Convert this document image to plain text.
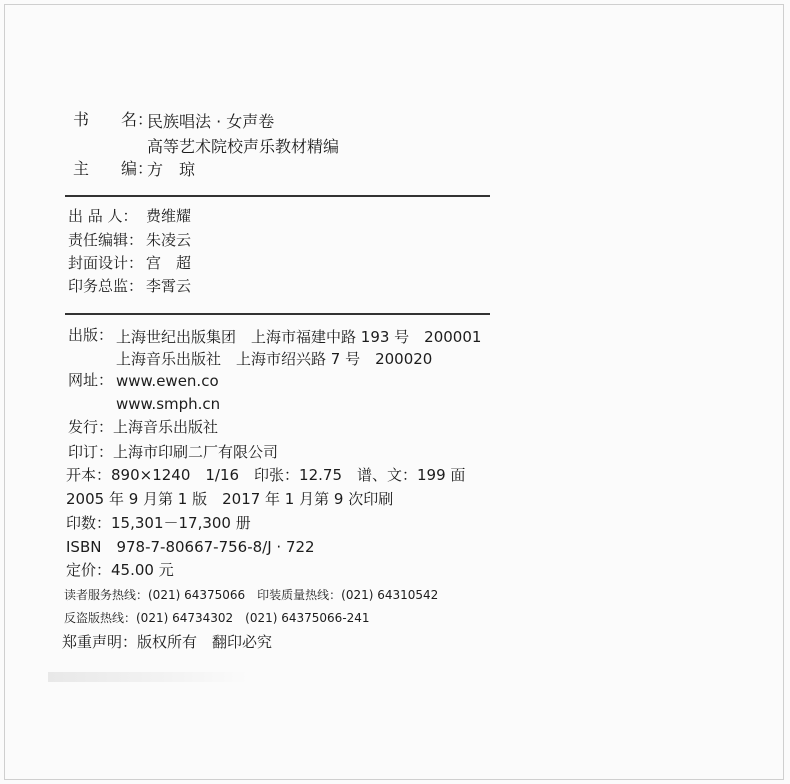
书　　名：
民族唱法 · 女声卷
高等艺术院校声乐教材精编
主　　编：
方　琼
出 品 人： 费维耀
责任编辑： 朱凌云
封面设计： 宫　超
印务总监： 李霄云
出版： 上海世纪出版集团　上海市福建中路 193 号　200001
上海音乐出版社　上海市绍兴路 7 号　200020
网址： www.ewen.co
www.smph.cn
发行：上海音乐出版社
印订：上海市印刷二厂有限公司
开本：890×1240　1/16　印张：12.75　谱、文：199 面
2005 年 9 月第 1 版　2017 年 1 月第 9 次印刷
印数：15,301－17,300 册
ISBN　978-7-80667-756-8/J · 722
定价：45.00 元
读者服务热线：(021) 64375066　印装质量热线：(021) 64310542
反盗版热线：(021) 64734302　(021) 64375066-241
郑重声明：版权所有　翻印必究
